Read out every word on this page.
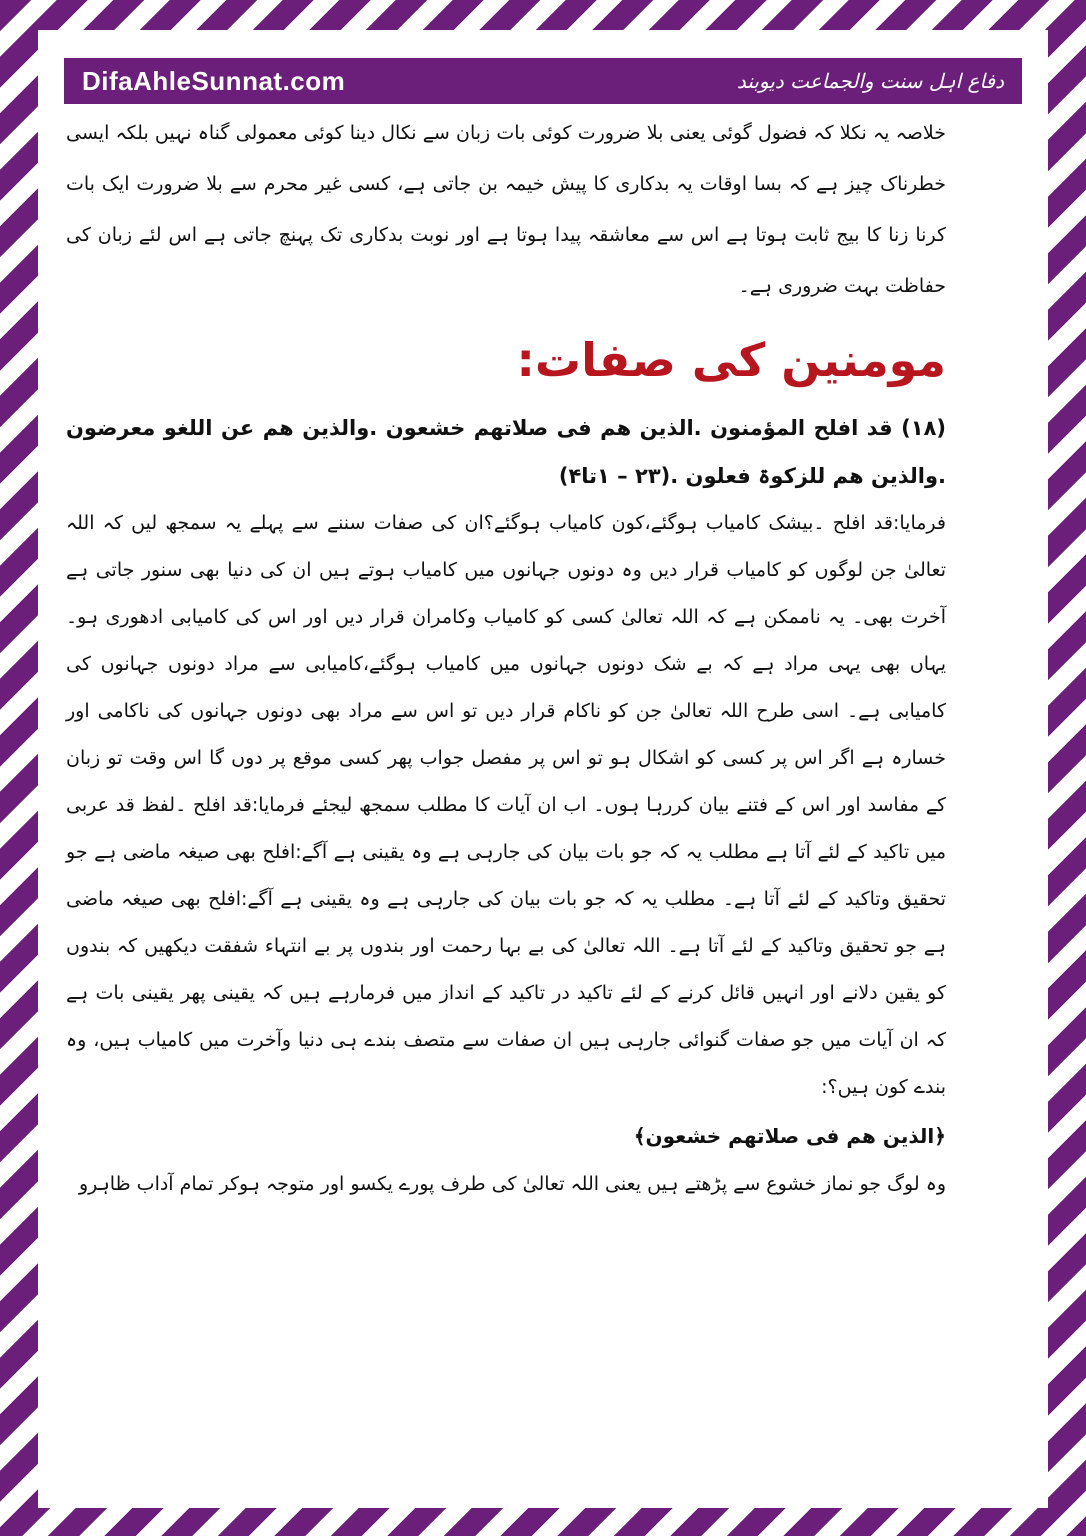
DifaAhleSunnat.com	دفاع اہل سنت والجماعت دیوبند

خلاصہ یہ نکلا کہ فضول گوئی یعنی بلا ضرورت کوئی بات زبان سے نکال دینا کوئی معمولی گناہ نہیں بلکہ ایسی خطرناک چیز ہے کہ بسا اوقات یہ بدکاری کا پیش خیمہ بن جاتی ہے، کسی غیر محرم سے بلا ضرورت ایک بات کرنا زنا کا بیج ثابت ہوتا ہے اس سے معاشقہ پیدا ہوتا ہے اور نوبت بدکاری تک پہنچ جاتی ہے اس لئے زبان کی حفاظت بہت ضروری ہے۔

مومنین کی صفات:

(۱۸) قد افلح المؤمنون .الذین ھم فی صلاتھم خشعون .والذین ھم عن اللغو معرضون .والذین ھم للزکوۃ فعلون .(۲۳ – ۱تا۴)

فرمایا:قد افلح ۔بیشک کامیاب ہوگئے،کون کامیاب ہوگئے؟ان کی صفات سننے سے پہلے یہ سمجھ لیں کہ اللہ تعالیٰ جن لوگوں کو کامیاب قرار دیں وہ دونوں جہانوں میں کامیاب ہوتے ہیں ان کی دنیا بھی سنور جاتی ہے آخرت بھی۔ یہ ناممکن ہے کہ اللہ تعالیٰ کسی کو کامیاب وکامران قرار دیں اور اس کی کامیابی ادھوری ہو۔ یہاں بھی یہی مراد ہے کہ بے شک دونوں جہانوں میں کامیاب ہوگئے،کامیابی سے مراد دونوں جہانوں کی کامیابی ہے۔ اسی طرح اللہ تعالیٰ جن کو ناکام قرار دیں تو اس سے مراد بھی دونوں جہانوں کی ناکامی اور خسارہ ہے اگر اس پر کسی کو اشکال ہو تو اس پر مفصل جواب پھر کسی موقع پر دوں گا اس وقت تو زبان کے مفاسد اور اس کے فتنے بیان کررہا ہوں۔ اب ان آیات کا مطلب سمجھ لیجئے فرمایا:قد افلح ۔لفظ قد عربی میں تاکید کے لئے آتا ہے مطلب یہ کہ جو بات بیان کی جارہی ہے وہ یقینی ہے آگے:افلح بھی صیغہ ماضی ہے جو تحقیق وتاکید کے لئے آتا ہے۔ مطلب یہ کہ جو بات بیان کی جارہی ہے وہ یقینی ہے آگے:افلح بھی صیغہ ماضی ہے جو تحقیق وتاکید کے لئے آتا ہے۔ اللہ تعالیٰ کی بے بہا رحمت اور بندوں پر بے انتہاء شفقت دیکھیں کہ بندوں کو یقین دلانے اور انہیں قائل کرنے کے لئے تاکید در تاکید کے انداز میں فرمارہے ہیں کہ یقینی پھر یقینی بات ہے کہ ان آیات میں جو صفات گنوائی جارہی ہیں ان صفات سے متصف بندے ہی دنیا وآخرت میں کامیاب ہیں، وہ بندے کون ہیں؟:

﴿الذین ھم فی صلاتھم خشعون﴾

وہ لوگ جو نماز خشوع سے پڑھتے ہیں یعنی اللہ تعالیٰ کی طرف پورے یکسو اور متوجہ ہوکر تمام آداب ظاہرو
